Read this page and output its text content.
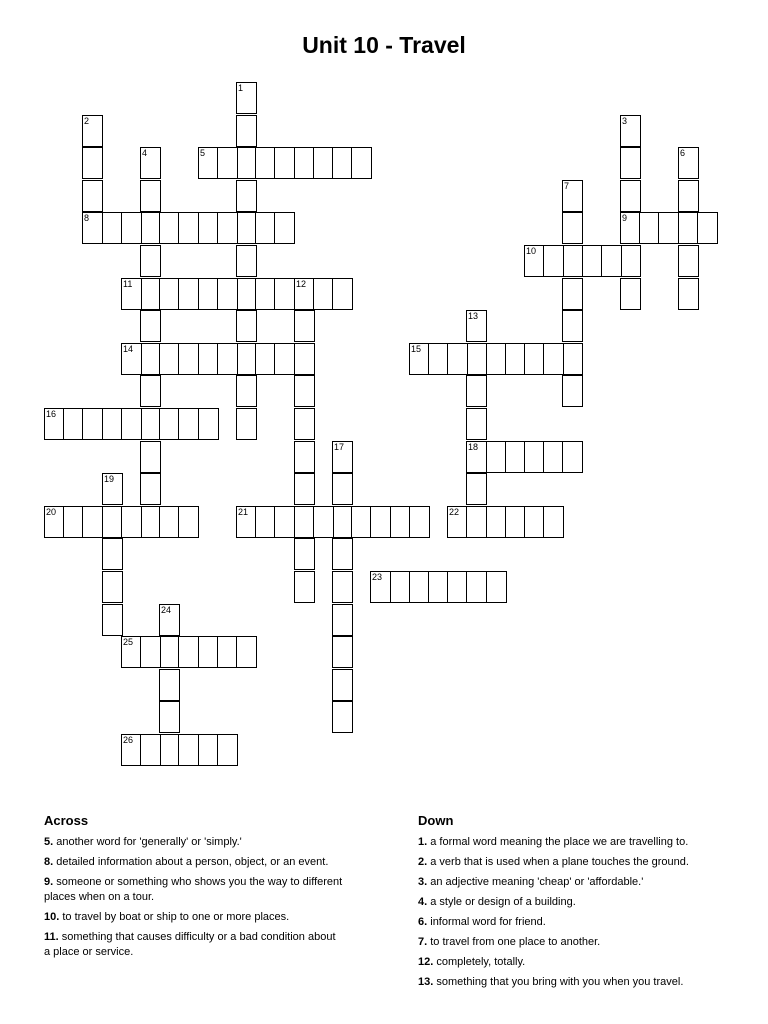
Unit 10 - Travel
1
2
8
3
9
4	5	6
7
10
11	12
13
18
14	15
16
17
19
20	21	22
23
24
25
26
Across
5. another word for 'generally' or 'simply.'
8. detailed information about a person, object, or an event.
9. someone or something who shows you the way to different places when on a tour.
10. to travel by boat or ship to one or more places.
11. something that causes difficulty or a bad condition about a place or service.
Down
1. a formal word meaning the place we are travelling to.
2. a verb that is used when a plane touches the ground.
3. an adjective meaning 'cheap' or 'affordable.'
4. a style or design of a building.
6. informal word for friend.
7. to travel from one place to another.
12. completely, totally.
13. something that you bring with you when you travel.
